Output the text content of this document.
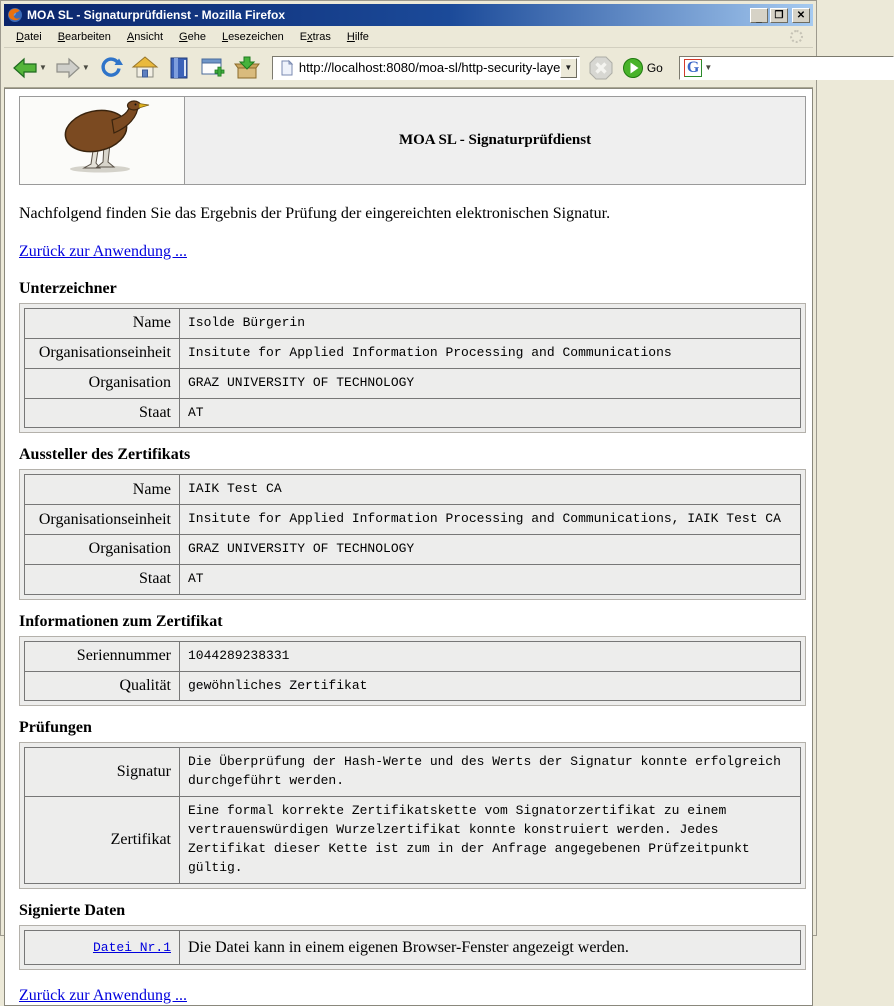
MOA SL - Signaturprüfdienst - Mozilla Firefox	_ ❐ ✕
Datei	Bearbeiten	Ansicht	Gehe	Lesezeichen	Extras	Hilfe
▼	▼
http://localhost:8080/moa-sl/http-security-layer-requ	▼	Go G ▼
	MOA SL - Signaturprüfdienst

Nachfolgend finden Sie das Ergebnis der Prüfung der eingereichten elektronischen Signatur.

Zurück zur Anwendung ...
Unterzeichner
Name	Isolde Bürgerin
Organisationseinheit	Insitute for Applied Information Processing and Communications
Organisation	GRAZ UNIVERSITY OF TECHNOLOGY
Staat	AT
Aussteller des Zertifikats
Name	IAIK Test CA
Organisationseinheit	Insitute for Applied Information Processing and Communications, IAIK Test CA
Organisation	GRAZ UNIVERSITY OF TECHNOLOGY
Staat	AT
Informationen zum Zertifikat
Seriennummer	1044289238331
Qualität	gewöhnliches Zertifikat
Prüfungen
Signatur	Die Überprüfung der Hash-Werte und des Werts der Signatur konnte erfolgreich durchgeführt werden.
Zertifikat	Eine formal korrekte Zertifikatskette vom Signatorzertifikat zu einem vertrauenswürdigen Wurzelzertifikat konnte konstruiert werden. Jedes Zertifikat dieser Kette ist zum in der Anfrage angegebenen Prüfzeitpunkt gültig.
Signierte Daten
Datei Nr.1	Die Datei kann in einem eigenen Browser-Fenster angezeigt werden.
Zurück zur Anwendung ...
